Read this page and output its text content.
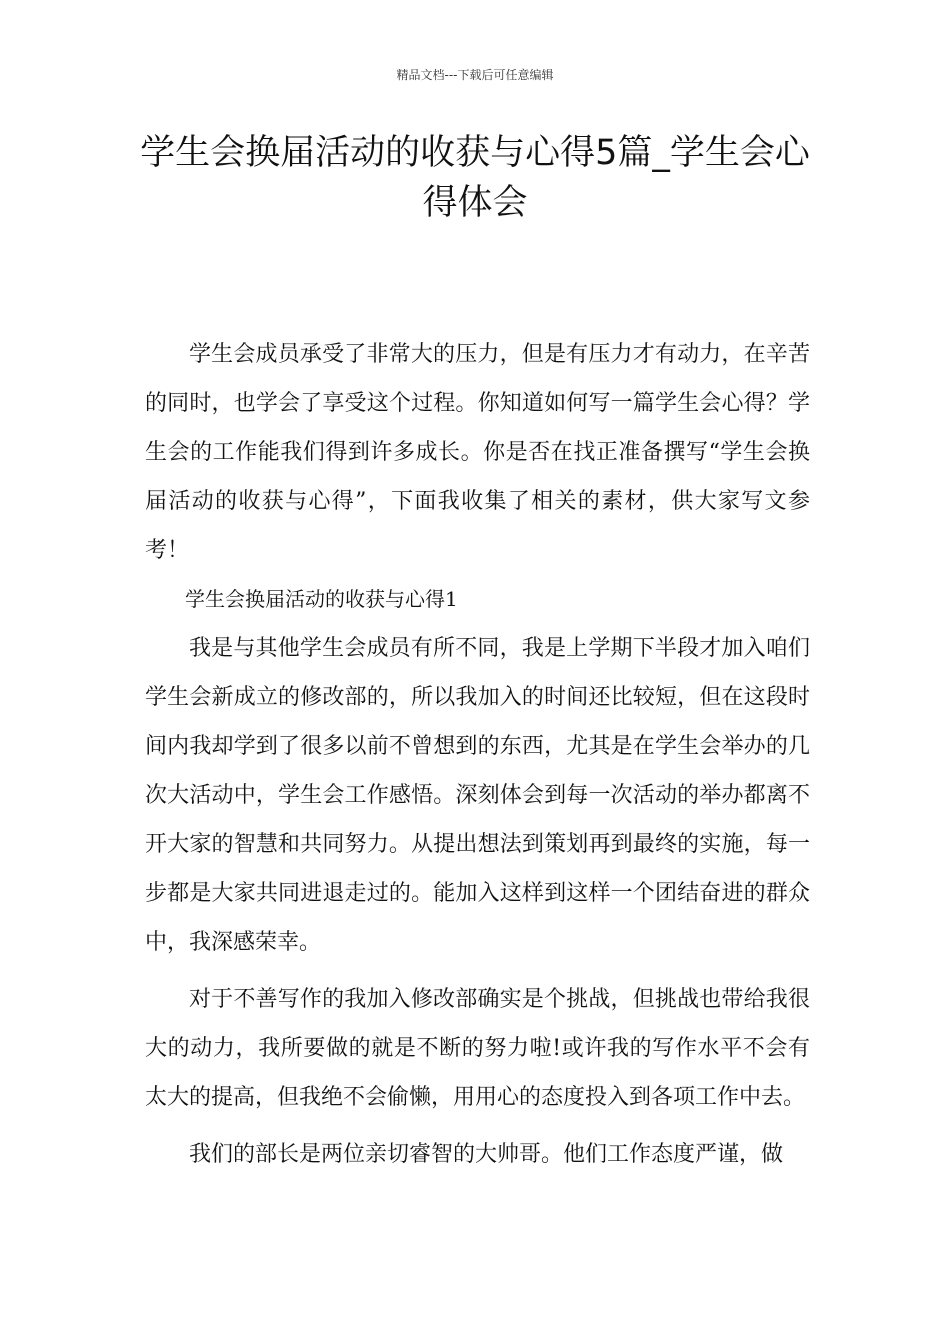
精品文档---下载后可任意编辑
学生会换届活动的收获与心得5篇_学生会心得体会

学生会成员承受了非常大的压力，但是有压力才有动力，在辛苦的同时，也学会了享受这个过程。你知道如何写一篇学生会心得？学生会的工作能我们得到许多成长。你是否在找正准备撰写“学生会换届活动的收获与心得”，下面我收集了相关的素材，供大家写文参考！

学生会换届活动的收获与心得1

我是与其他学生会成员有所不同，我是上学期下半段才加入咱们学生会新成立的修改部的，所以我加入的时间还比较短，但在这段时间内我却学到了很多以前不曾想到的东西，尤其是在学生会举办的几次大活动中，学生会工作感悟。深刻体会到每一次活动的举办都离不开大家的智慧和共同努力。从提出想法到策划再到最终的实施，每一步都是大家共同进退走过的。能加入这样到这样一个团结奋进的群众中，我深感荣幸。

对于不善写作的我加入修改部确实是个挑战，但挑战也带给我很大的动力，我所要做的就是不断的努力啦!或许我的写作水平不会有太大的提高，但我绝不会偷懒，用用心的态度投入到各项工作中去。

我们的部长是两位亲切睿智的大帅哥。他们工作态度严谨，做
